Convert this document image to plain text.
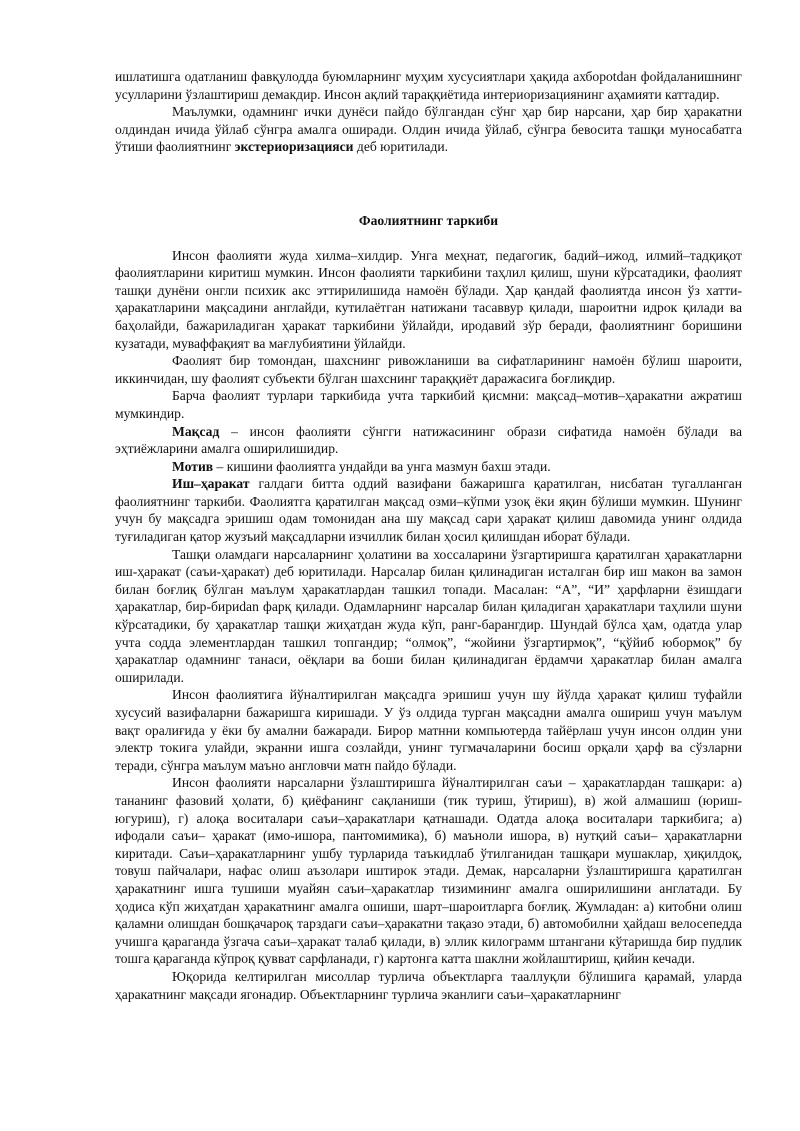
ишлатишга одатланиш фавқулодда буюмларнинг муҳим хусусиятлари ҳақида ахбороtdан фойдаланишнинг усулларини ўзлаштириш демакдир. Инсон ақлий тараққиётида интериоризациянинг аҳамияти каттадир.

Маълумки, одамнинг ички дунёси пайдо бўлгандан сўнг ҳар бир нарсани, ҳар бир ҳаракатни олдиндан ичида ўйлаб сўнгра амалга оширади. Олдин ичида ўйлаб, сўнгра бевосита ташқи муносабатга ўтиши фаолиятнинг экстериоризацияси деб юритилади.

Фаолиятнинг таркиби

Инсон фаолияти жуда хилма–хилдир. Унга меҳнат, педагогик, бадий–ижод, илмий–тадқиқот фаолиятларини киритиш мумкин. Инсон фаолияти таркибини таҳлил қилиш, шуни кўрсатадики, фаолият ташқи дунёни онгли психик акс эттирилишида намоён бўлади. Ҳар қандай фаолиятда инсон ўз хатти-ҳаракатларини мақсадини англайди, кутилаётган натижани тасаввур қилади, шароитни идрок қилади ва баҳолайди, бажариладиган ҳаракат таркибини ўйлайди, иродавий зўр беради, фаолиятнинг боришини кузатади, муваффақият ва мағлубиятини ўйлайди.

Фаолият бир томондан, шахснинг ривожланиши ва сифатларининг намоён бўлиш шароити, иккинчидан, шу фаолият субъекти бўлган шахснинг тараққиёт даражасига боғлиқдир.

Барча фаолият турлари таркибида учта таркибий қисмни: мақсад–мотив–ҳаракатни ажратиш мумкиндир.

Мақсад – инсон фаолияти сўнгги натижасининг образи сифатида намоён бўлади ва эҳтиёжларини амалга оширилишидир.

Мотив – кишини фаолиятга ундайди ва унга мазмун бахш этади.

Иш–ҳаракат галдаги битта оддий вазифани бажаришга қаратилган, нисбатан тугалланган фаолиятнинг таркиби. Фаолиятга қаратилган мақсад озми–кўпми узоқ ёки яқин бўлиши мумкин. Шунинг учун бу мақсадга эришиш одам томонидан ана шу мақсад сари ҳаракат қилиш давомида унинг олдида туғиладиган қатор жузъий мақсадларни изчиллик билан ҳосил қилишдан иборат бўлади.

Ташқи оламдаги нарсаларнинг ҳолатини ва хоссаларини ўзгартиришга қаратилган ҳаракатларни иш-ҳаракат (саъи-ҳаракат) деб юритилади. Нарсалар билан қилинадиган исталган бир иш макон ва замон билан боғлиқ бўлган маълум ҳаракатлардан ташкил топади. Масалан: “А”, “И” ҳарфларни ёзишдаги ҳаракатлар, бир-бириdan фарқ қилади. Одамларнинг нарсалар билан қиладиган ҳаракатлари таҳлили шуни кўрсатадики, бу ҳаракатлар ташқи жиҳатдан жуда кўп, ранг-барангдир. Шундай бўлса ҳам, одатда улар учта содда элементлардан ташкил топгандир; “олмоқ”, “жойини ўзгартирмоқ”, “қўйиб юбормоқ” бу ҳаракатлар одамнинг танаси, оёқлари ва боши билан қилинадиган ёрдамчи ҳаракатлар билан амалга оширилади.

Инсон фаолиятига йўналтирилган мақсадга эришиш учун шу йўлда ҳаракат қилиш туфайли хусусий вазифаларни бажаришга киришади. У ўз олдида турган мақсадни амалга ошириш учун маълум вақт оралиғида у ёки бу амални бажаради. Бирор матнни компьютерда тайёрлаш учун инсон олдин уни электр токига улайди, экранни ишга созлайди, унинг тугмачаларини босиш орқали ҳарф ва сўзларни теради, сўнгра маълум маъно англовчи матн пайдо бўлади.

Инсон фаолияти нарсаларни ўзлаштиришга йўналтирилган саъи – ҳаракатлардан ташқари: а) тананинг фазовий ҳолати, б) қиёфанинг сақланиши (тик туриш, ўтириш), в) жой алмашиш (юриш-югуриш), г) алоқа воситалари саъи–ҳаракатлари қатнашади. Одатда алоқа воситалари таркибига; а) ифодали саъи– ҳаракат (имо-ишора, пантомимика), б) маъноли ишора, в) нутқий саъи– ҳаракатларни киритади. Саъи–ҳаракатларнинг ушбу турларида таъкидлаб ўтилганидан ташқари мушаклар, ҳиқилдоқ, товуш пайчалари, нафас олиш аъзолари иштирок этади. Демак, нарсаларни ўзлаштиришга қаратилган ҳаракатнинг ишга тушиши муайян саъи–ҳаракатлар тизимининг амалга оширилишини англатади. Бу ҳодиса кўп жиҳатдан ҳаракатнинг амалга ошиши, шарт–шароитларга боғлиқ. Жумладан: а) китобни олиш қаламни олишдан бошқачароқ тарздаги саъи–ҳаракатни тақазо этади, б) автомобилни ҳайдаш велосепедда учишга қараганда ўзгача саъи–ҳаракат талаб қилади, в) эллик килограмм штангани кўтаришда бир пудлик тошга қараганда кўпроқ қувват сарфланади, г) картонга катта шаклни жойлаштириш, қийин кечади.

Юқорида келтирилган мисоллар турлича объектларга тааллуқли бўлишига қарамай, уларда ҳаракатнинг мақсади ягонадир. Объектларнинг турлича эканлиги саъи–ҳаракатларнинг
